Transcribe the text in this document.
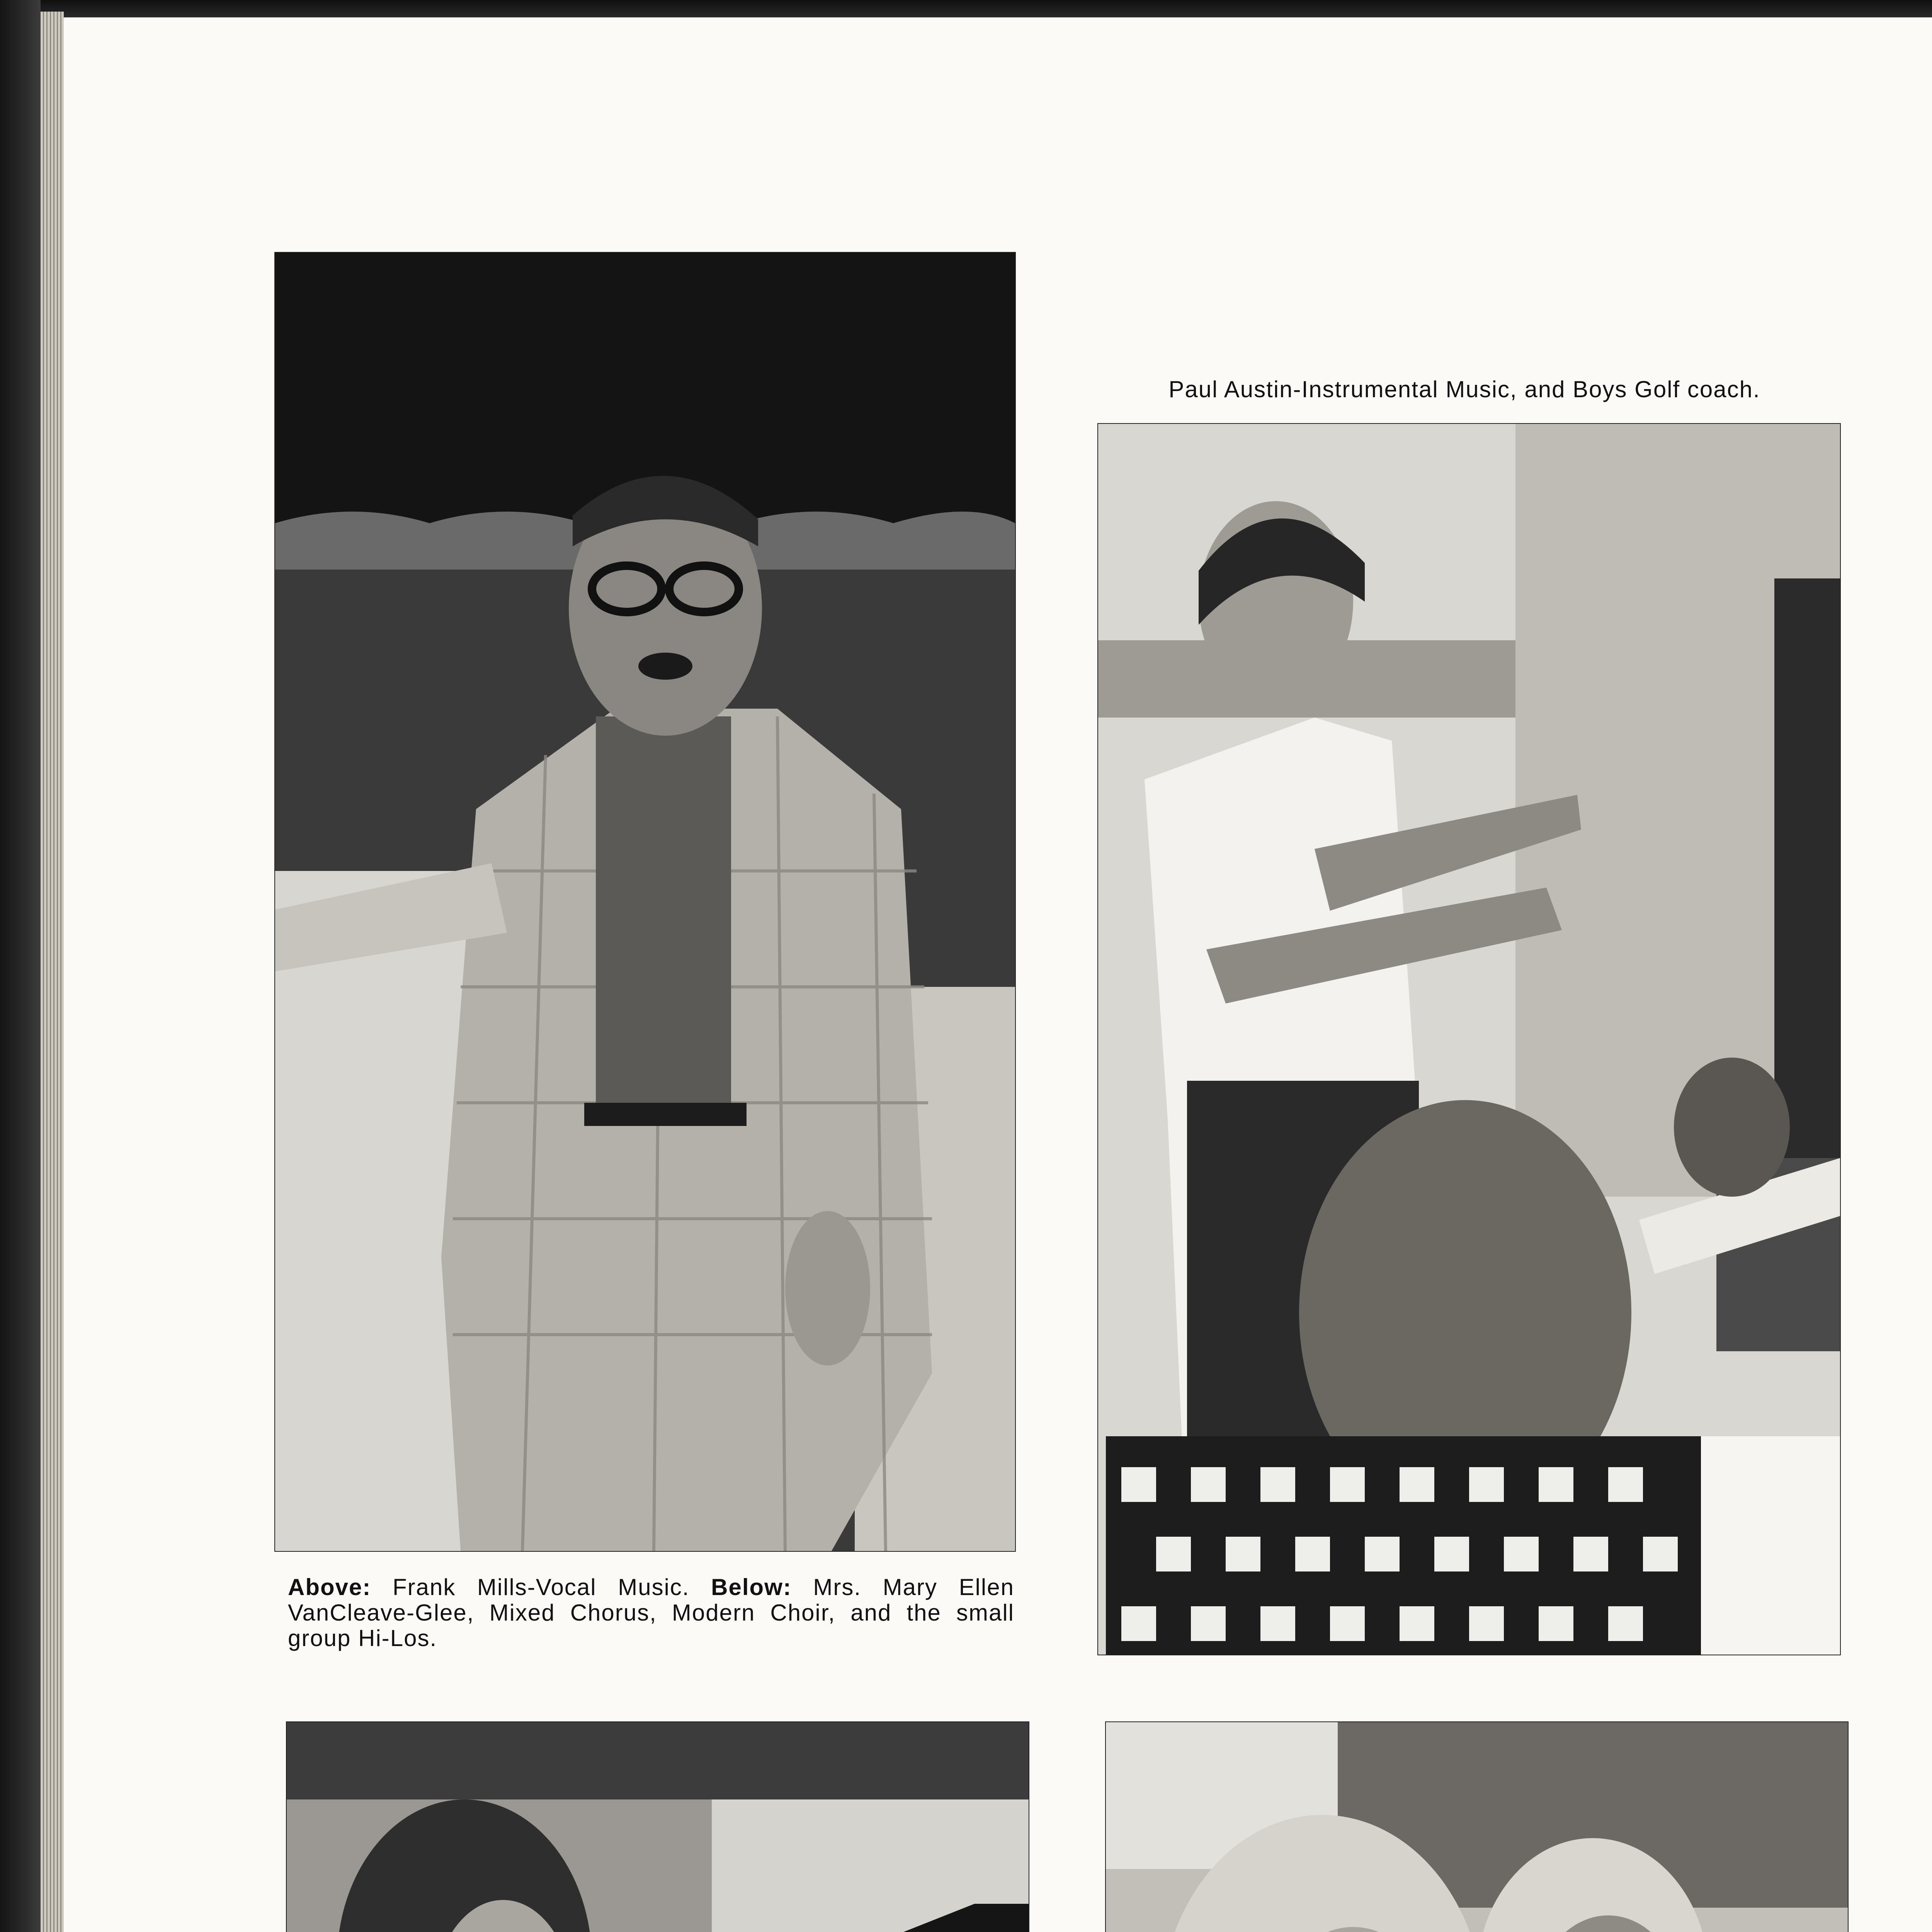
Paul Austin-Instrumental Music, and Boys Golf coach.
Above: Frank Mills-Vocal Music. Below: Mrs. Mary Ellen VanCleave-Glee, Mixed Chorus, Modern Choir, and the small group Hi-Los.
